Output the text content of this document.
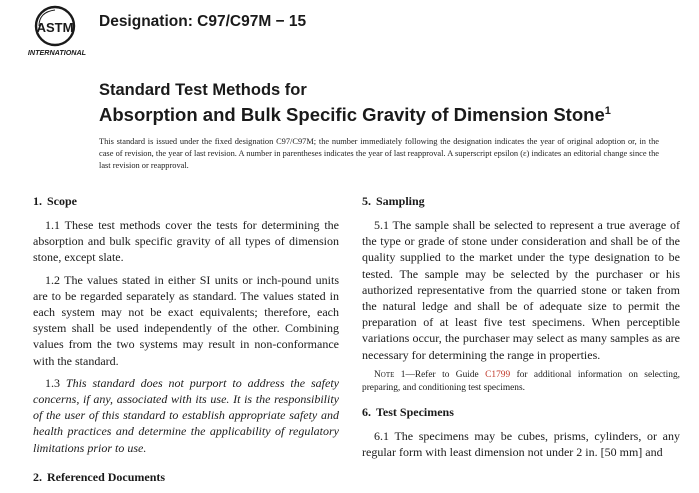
ASTM
INTERNATIONAL
Designation: C97/C97M − 15
Standard Test Methods for
Absorption and Bulk Specific Gravity of Dimension Stone$^1$
This standard is issued under the fixed designation C97/C97M; the number immediately following the designation indicates the year of original adoption or, in the case of revision, the year of last revision. A number in parentheses indicates the year of last reapproval. A superscript epsilon (ε) indicates an editorial change since the last revision or reapproval.
1. Scope

1.1 These test methods cover the tests for determining the absorption and bulk specific gravity of all types of dimension stone, except slate.

1.2 The values stated in either SI units or inch-pound units are to be regarded separately as standard. The values stated in each system may not be exact equivalents; therefore, each system shall be used independently of the other. Combining values from the two systems may result in non-conformance with the standard.

1.3 This standard does not purport to address the safety concerns, if any, associated with its use. It is the responsibility of the user of this standard to establish appropriate safety and health practices and determine the applicability of regulatory limitations prior to use.

2. Referenced Documents
5. Sampling

5.1 The sample shall be selected to represent a true average of the type or grade of stone under consideration and shall be of the quality supplied to the market under the type designation to be tested. The sample may be selected by the purchaser or his authorized representative from the quarried stone or taken from the natural ledge and shall be of adequate size to permit the preparation of at least five test specimens. When perceptible variations occur, the purchaser may select as many samples as are necessary for determining the range in properties.

Note 1—Refer to Guide C1799 for additional information on selecting, preparing, and conditioning test specimens.

6. Test Specimens

6.1 The specimens may be cubes, prisms, cylinders, or any regular form with least dimension not under 2 in. [50 mm] and
